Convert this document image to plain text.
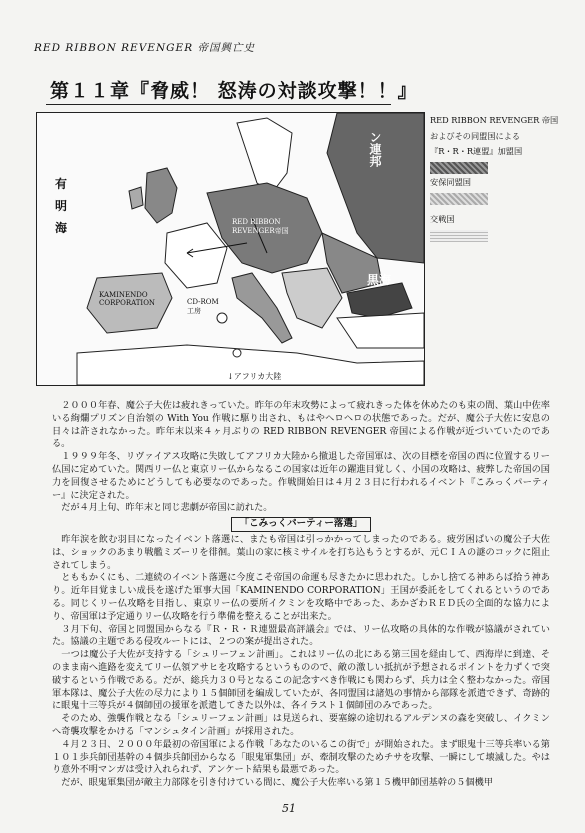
RED RIBBON REVENGER 帝国興亡史
第１１章『脅威！ 怒涛の対談攻撃！！』
有
明
海
黒海
ン連邦
RED RIBBON
REVENGER帝国
KAMINENDO
CORPORATION	CD-ROM
工房
↓アフリカ大陸
RED RIBBON REVENGER 帝国
およびその同盟国による
『R・R・R連盟』加盟国
安保同盟国
交戦国

２０００年春、魔公子大佐は疲れきっていた。昨年の年末攻勢によって疲れきった体を休めたのも束の間、葉山中佐率いる絢爛プリズン自治領の With You 作戦に駆り出され、もはやヘロヘロの状態であった。だが、魔公子大佐に安息の日々は許されなかった。昨年末以来４ヶ月ぶりの RED RIBBON REVENGER 帝国による作戦が近づいていたのである。

１９９９年冬、リヴァイアス攻略に失敗してアフリカ大陸から撤退した帝国軍は、次の目標を帝国の西に位置するリー仏国に定めていた。関西リー仏と東京リー仏からなるこの国家は近年の躍進目覚しく、小国の攻略は、疲弊した帝国の国力を回復させるためにどうしても必要なのであった。作戦開始日は４月２３日に行われるイベント『こみっくパーティー』に決定された。

だが４月上旬、昨年末と同じ悲劇が帝国に訪れた。

「こみっくパーティー落選」

昨年涙を飲む羽目になったイベント落選に、またも帝国は引っかかってしまったのである。疲労困ぱいの魔公子大佐は、ショックのあまり戦艦ミズーリを徘徊。葉山の家に核ミサイルを打ち込もうとするが、元ＣＩＡの謎のコックに阻止されてしまう。

とももかくにも、二連続のイベント落選に今度こそ帝国の命運も尽きたかに思われた。しかし捨てる神あらば拾う神あり。近年目覚ましい成長を遂げた軍事大国「KAMINENDO CORPORATION」王国が委託をしてくれるというのである。同じくリー仏攻略を目指し、東京リー仏の要所イクミンを攻略中であった、あかざわＲＥＤ氏の全面的な協力により、帝国軍は予定通りリー仏攻略を行う準備を整えることが出来た。

３月下旬、帝国と同盟国からなる『Ｒ・Ｒ・Ｒ連盟最高評議会』では、リー仏攻略の具体的な作戦が協議がされていた。協議の主題である侵攻ルートには、２つの案が提出された。

一つは魔公子大佐が支持する「シュリーフェン計画」。これはリー仏の北にある第三国を経由して、西海岸に到達、そのまま南へ進路を変えてリー仏領アサヒを攻略するというものので、敵の激しい抵抗が予想されるポイントを力ずくで突破するという作戦である。だが、総兵力３０号となるこの記念すべき作戦にも関わらず、兵力は全く整わなかった。帝国軍本隊は、魔公子大佐の尽力により１５個師団を編成していたが、各同盟国は諸処の事情から部隊を派遣できず、奇跡的に眼鬼十三等兵が４個師団の援軍を派遣してきた以外は、各イラスト１個師団のみであった。

そのため、強襲作戦となる「シュリーフェン計画」は見送られ、要塞線の途切れるアルデンヌの森を突破し、イクミンへ奇襲攻撃をかける「マンシュタイン計画」が採用された。

４月２３日、２０００年最初の帝国軍による作戦「あなたのいるこの街で」が開始された。まず眼鬼十三等兵率いる第１０１歩兵師団基幹の４個歩兵師団からなる「眼鬼軍集団」が、牽制攻撃のためチサを攻撃、一瞬にして壊滅した。やはり意外不明マンガは受け入れられず、アンケート結果も最悪であった。

だが、眼鬼軍集団が敵主力部隊を引き付けている間に、魔公子大佐率いる第１５機甲師団基幹の５個機甲

51
